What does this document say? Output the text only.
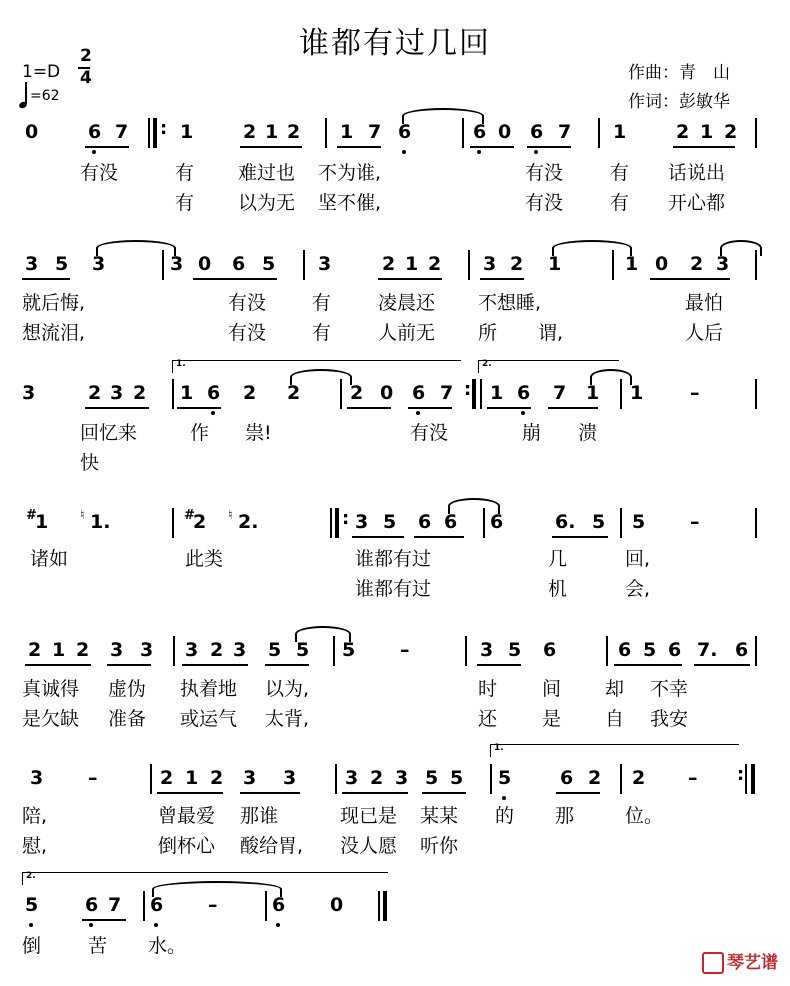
谁都有过几回
1=D
2
4
=62
作曲：青　山
作词：彭敏华
0	6 7	1	2 1 2 1 7 6	6 0 6 7 1	2 1 2
有没	有 难过也 不为谁,	有没 有 话说出
有 以为无 坚不催,	有没 有 开心都
3 5 3	3 0 6 5 3	2 1 2 3 2 1	1 0 2 3
就后悔,	有没 有 凌晨还 不想睡,	最怕
想流泪,	有没 有 人前无 所 谓,	人后
3	2 3 2 1 6 2 2	2 0 6 7 1 6 7 1 1 –
回忆来	作 祟!	有没	崩 溃
快
1 1.	2 2.	3 5 6 6 6	6. 5 5 –
诸如	此类	谁都有过	几	回,
谁都有过	机	会,
2 1 2 3 3 3 2 3 5 5 5 –	3 5 6	6 5 6 7. 6
真诚得 虚伪 执着地 以为,	时 间 却 不幸
是欠缺 准备 或运气 太背,	还 是 自 我安
3 –	2 1 2 3 3	3 2 3 5 5 5	6 2 2 –
陪,	曾最爱 那谁	现已是 某某 的 那	位。
慰,	倒杯心 酸给胃, 没人愿 听你
5 6 7 6 –	6 0
倒 苦 水。
:
1.	2.
:
:
#	♮	#	♮
1.
:
2.
琴艺谱
